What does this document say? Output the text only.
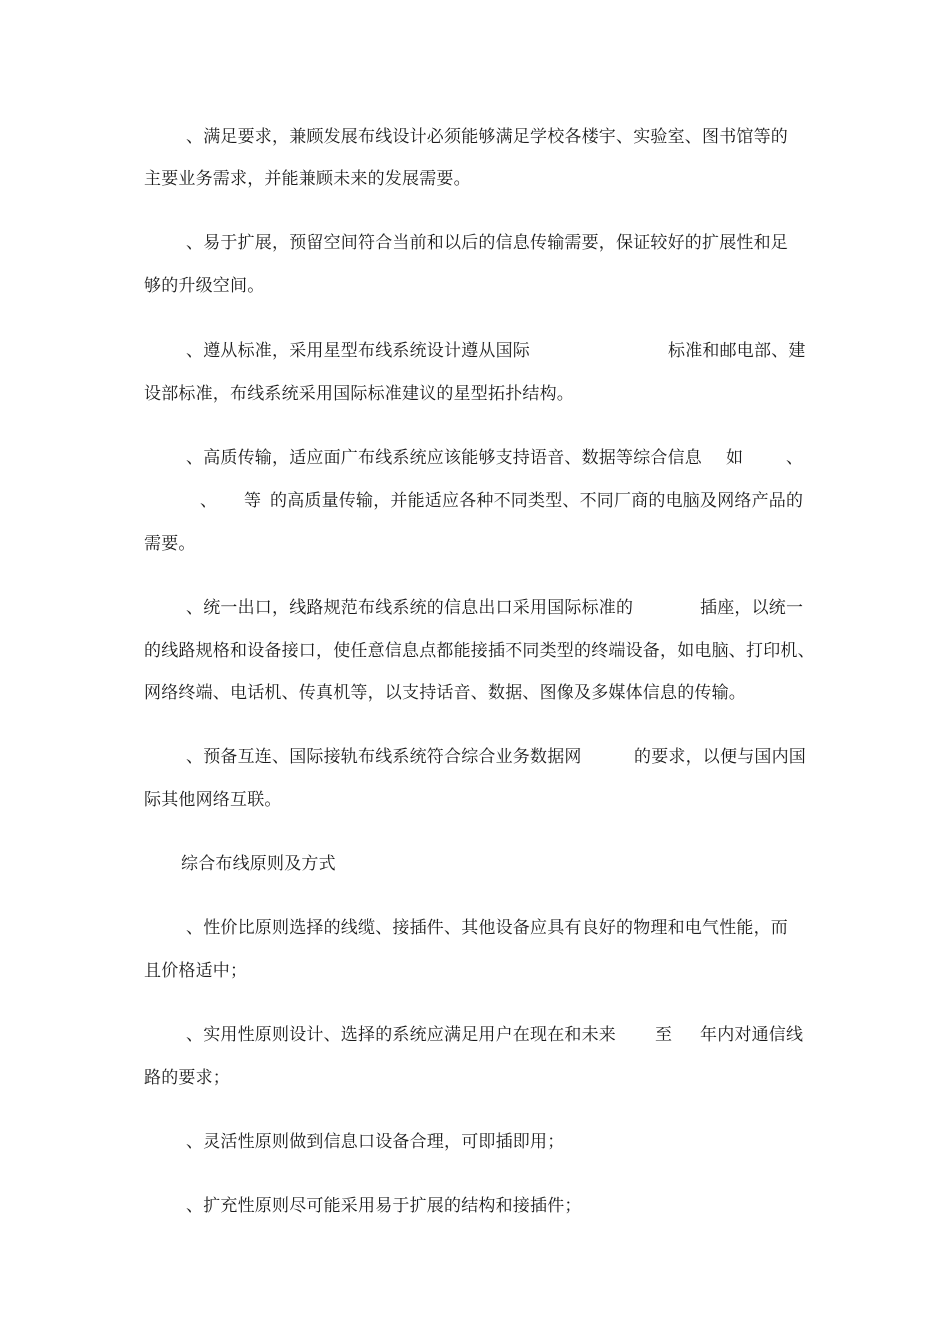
、满足要求，兼顾发展布线设计必须能够满足学校各楼宇、实验室、图书馆等的
主要业务需求，并能兼顾未来的发展需要。
、易于扩展，预留空间符合当前和以后的信息传输需要，保证较好的扩展性和足
够的升级空间。
、遵从标准，采用星型布线系统设计遵从国际	标准和邮电部、建
设部标准，布线系统采用国际标准建议的星型拓扑结构。
、高质传输，适应面广布线系统应该能够支持语音、数据等综合信息 如	、
、 等 的高质量传输，并能适应各种不同类型、不同厂商的电脑及网络产品的
需要。
、统一出口，线路规范布线系统的信息出口采用国际标准的	插座，以统一
的线路规格和设备接口，使任意信息点都能接插不同类型的终端设备，如电脑、打印机、
网络终端、电话机、传真机等，以支持话音、数据、图像及多媒体信息的传输。
、预备互连、国际接轨布线系统符合综合业务数据网	的要求，以便与国内国
际其他网络互联。
综合布线原则及方式
、性价比原则选择的线缆、接插件、其他设备应具有良好的物理和电气性能，而
且价格适中；
、实用性原则设计、选择的系统应满足用户在现在和未来 至 年内对通信线
路的要求；
、灵活性原则做到信息口设备合理，可即插即用；
、扩充性原则尽可能采用易于扩展的结构和接插件；
